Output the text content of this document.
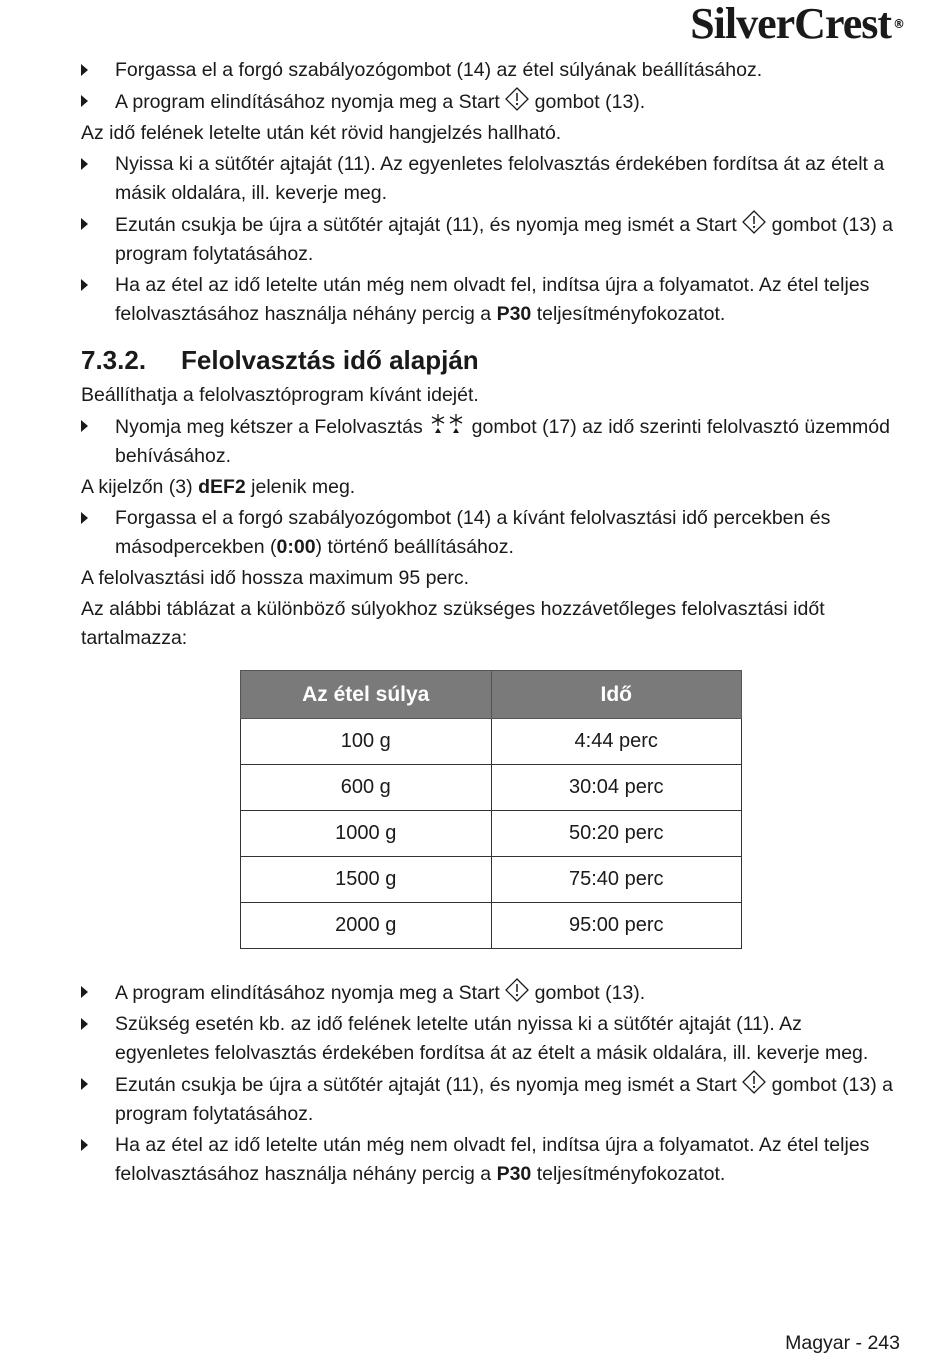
SilverCrest ®
Forgassa el a forgó szabályozógombot (14) az étel súlyának beállításához.
A program elindításához nyomja meg a Start gombot (13).
Az idő felének letelte után két rövid hangjelzés hallható.
Nyissa ki a sütőtér ajtaját (11). Az egyenletes felolvasztás érdekében fordítsa át az ételt a másik oldalára, ill. keverje meg.
Ezután csukja be újra a sütőtér ajtaját (11), és nyomja meg ismét a Start gombot (13) a program folytatásához.
Ha az étel az idő letelte után még nem olvadt fel, indítsa újra a folyamatot. Az étel teljes felolvasztásához használja néhány percig a P30 teljesítményfokozatot.
7.3.2. Felolvasztás idő alapján
Beállíthatja a felolvasztóprogram kívánt idejét.
Nyomja meg kétszer a Felolvasztás	gombot (17) az idő szerinti felolvasztó üzemmód behívásához.
A kijelzőn (3) dEF2 jelenik meg.
Forgassa el a forgó szabályozógombot (14) a kívánt felolvasztási idő percekben és másodpercekben (0:00) történő beállításához.
A felolvasztási idő hossza maximum 95 perc.
Az alábbi táblázat a különböző súlyokhoz szükséges hozzávetőleges felolvasztási időt tartalmazza:
Az étel súlya	Idő
100 g	4:44 perc
600 g	30:04 perc
1000 g	50:20 perc
1500 g	75:40 perc
2000 g	95:00 perc
A program elindításához nyomja meg a Start gombot (13).
Szükség esetén kb. az idő felének letelte után nyissa ki a sütőtér ajtaját (11). Az egyenletes felolvasztás érdekében fordítsa át az ételt a másik oldalára, ill. keverje meg.
Ezután csukja be újra a sütőtér ajtaját (11), és nyomja meg ismét a Start gombot (13) a program folytatásához.
Ha az étel az idő letelte után még nem olvadt fel, indítsa újra a folyamatot. Az étel teljes felolvasztásához használja néhány percig a P30 teljesítményfokozatot.
Magyar - 243
